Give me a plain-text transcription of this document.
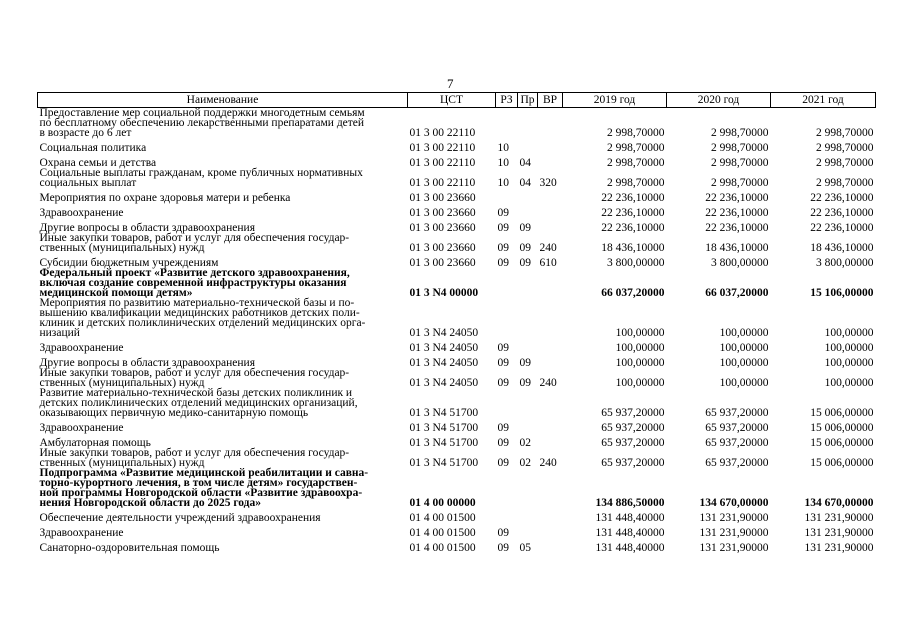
7
Наименование	ЦСТ	РЗ	Пр	ВР	2019 год	2020 год	2021 год

Предоставление мер социальной поддержки многодетным семьям
по бесплатному обеспечению лекарственными препаратами детей
в возрасте до 6 лет	01 3 00 22110				2 998,70000	2 998,70000	2 998,70000

Социальная политика	01 3 00 22110	10			2 998,70000	2 998,70000	2 998,70000

Охрана семьи и детства	01 3 00 22110	10	04		2 998,70000	2 998,70000	2 998,70000

Социальные выплаты гражданам, кроме публичных нормативных
социальных выплат	01 3 00 22110	10	04	320	2 998,70000	2 998,70000	2 998,70000

Мероприятия по охране здоровья матери и ребенка	01 3 00 23660				22 236,10000	22 236,10000	22 236,10000

Здравоохранение	01 3 00 23660	09			22 236,10000	22 236,10000	22 236,10000

Другие вопросы в области здравоохранения	01 3 00 23660	09	09		22 236,10000	22 236,10000	22 236,10000

Иные закупки товаров, работ и услуг для обеспечения государ-
ственных (муниципальных) нужд	01 3 00 23660	09	09	240	18 436,10000	18 436,10000	18 436,10000

Субсидии бюджетным учреждениям	01 3 00 23660	09	09	610	3 800,00000	3 800,00000	3 800,00000

Федеральный проект «Развитие детского здравоохранения,
включая создание современной инфраструктуры оказания
медицинской помощи детям»	01 3 N4 00000				66 037,20000	66 037,20000	15 106,00000

Мероприятия по развитию материально-технической базы и по-
вышению квалификации медицинских работников детских поли-
клиник и детских поликлинических отделений медицинских орга-
низаций	01 3 N4 24050				100,00000	100,00000	100,00000

Здравоохранение	01 3 N4 24050	09			100,00000	100,00000	100,00000

Другие вопросы в области здравоохранения	01 3 N4 24050	09	09		100,00000	100,00000	100,00000

Иные закупки товаров, работ и услуг для обеспечения государ-
ственных (муниципальных) нужд	01 3 N4 24050	09	09	240	100,00000	100,00000	100,00000

Развитие материально-технической базы детских поликлиник и
детских поликлинических отделений медицинских организаций,
оказывающих первичную медико-санитарную помощь	01 3 N4 51700				65 937,20000	65 937,20000	15 006,00000

Здравоохранение	01 3 N4 51700	09			65 937,20000	65 937,20000	15 006,00000

Амбулаторная помощь	01 3 N4 51700	09	02		65 937,20000	65 937,20000	15 006,00000

Иные закупки товаров, работ и услуг для обеспечения государ-
ственных (муниципальных) нужд	01 3 N4 51700	09	02	240	65 937,20000	65 937,20000	15 006,00000

Подпрограмма «Развитие медицинской реабилитации и савна-
торно-курортного лечения, в том числе детям» государствен-
ной программы Новгородской области «Развитие здравоохра-
нения Новгородской области до 2025 года»	01 4 00 00000				134 886,50000	134 670,00000	134 670,00000

Обеспечение деятельности учреждений здравоохранения	01 4 00 01500				131 448,40000	131 231,90000	131 231,90000

Здравоохранение	01 4 00 01500	09			131 448,40000	131 231,90000	131 231,90000

Санаторно-оздоровительная помощь	01 4 00 01500	09	05		131 448,40000	131 231,90000	131 231,90000
